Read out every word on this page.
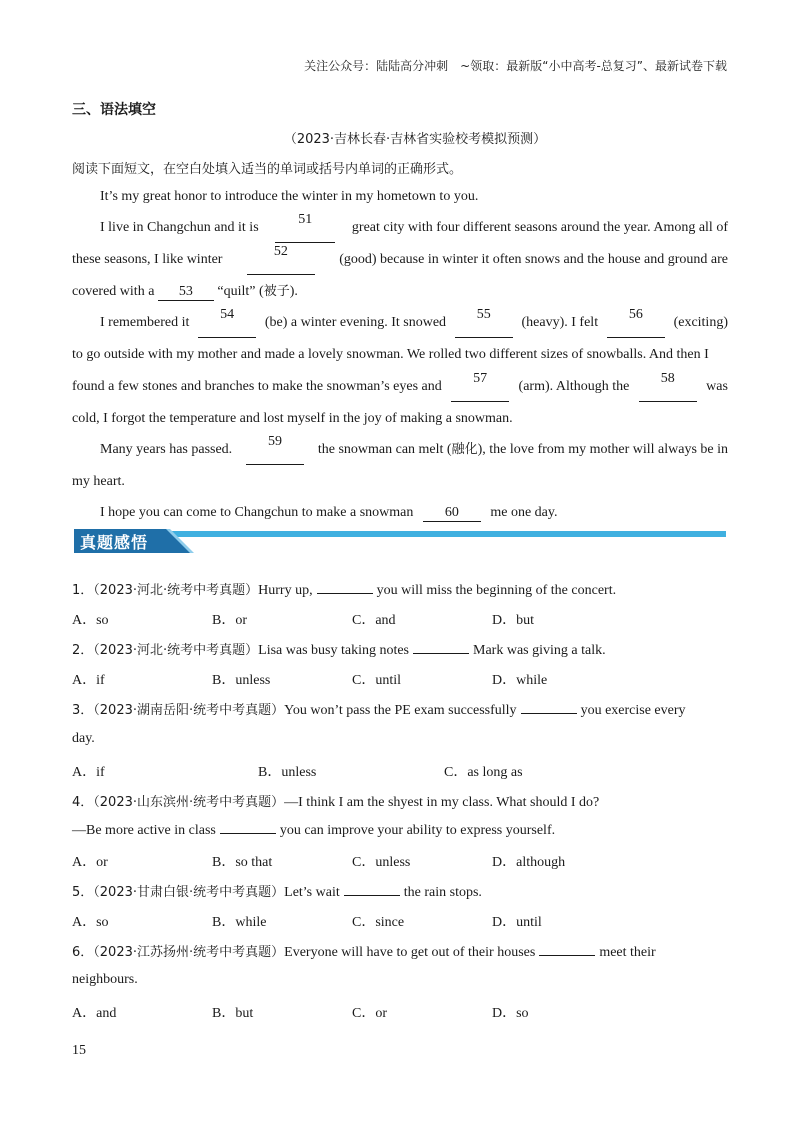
关注公众号：陆陆高分冲刺　~领取：最新版“小中高考-总复习”、最新试卷下载
三、语法填空
（2023·吉林长春·吉林省实验校考模拟预测）
阅读下面短文，在空白处填入适当的单词或括号内单词的正确形式。
It’s my great honor to introduce the winter in my hometown to you.
I live in Changchun and it is
51
great city with four different seasons around the year. Among all of
these seasons, I like winter
52
(good) because in winter it often snows and the house and ground are
covered with a 53 “quilt” (被子).
I remembered it
54
(be) a winter evening. It snowed
55
(heavy). I felt
56
(exciting)
to go outside with my mother and made a lovely snowman. We rolled two different sizes of snowballs. And then I
found a few stones and branches to make the snowman’s eyes and
57
(arm). Although the
58
was
cold, I forgot the temperature and lost myself in the joy of making a snowman.
Many years has passed.
59
the snowman can melt (融化), the love from my mother will always be in
my heart.
I hope you can come to Changchun to make a snowman 60 me one day.
真题感悟
1．（2023·河北·统考中考真题）Hurry up,	you will miss the beginning of the concert.
A．so	B．or	C．and	D．but
2．（2023·河北·统考中考真题）Lisa was busy taking notes	Mark was giving a talk.
A．if	B．unless	C．until	D．while
3．（2023·湖南岳阳·统考中考真题）You won’t pass the PE exam successfully	you exercise every
day.
A．if	B．unless	C．as long as
4．（2023·山东滨州·统考中考真题）—I think I am the shyest in my class. What should I do?
—Be more active in class	you can improve your ability to express yourself.
A．or	B．so that	C．unless	D．although
5．（2023·甘肃白银·统考中考真题）Let’s wait	the rain stops.
A．so	B．while	C．since	D．until
6．（2023·江苏扬州·统考中考真题）Everyone will have to get out of their houses	meet their
neighbours.
A．and	B．but	C．or	D．so
15
